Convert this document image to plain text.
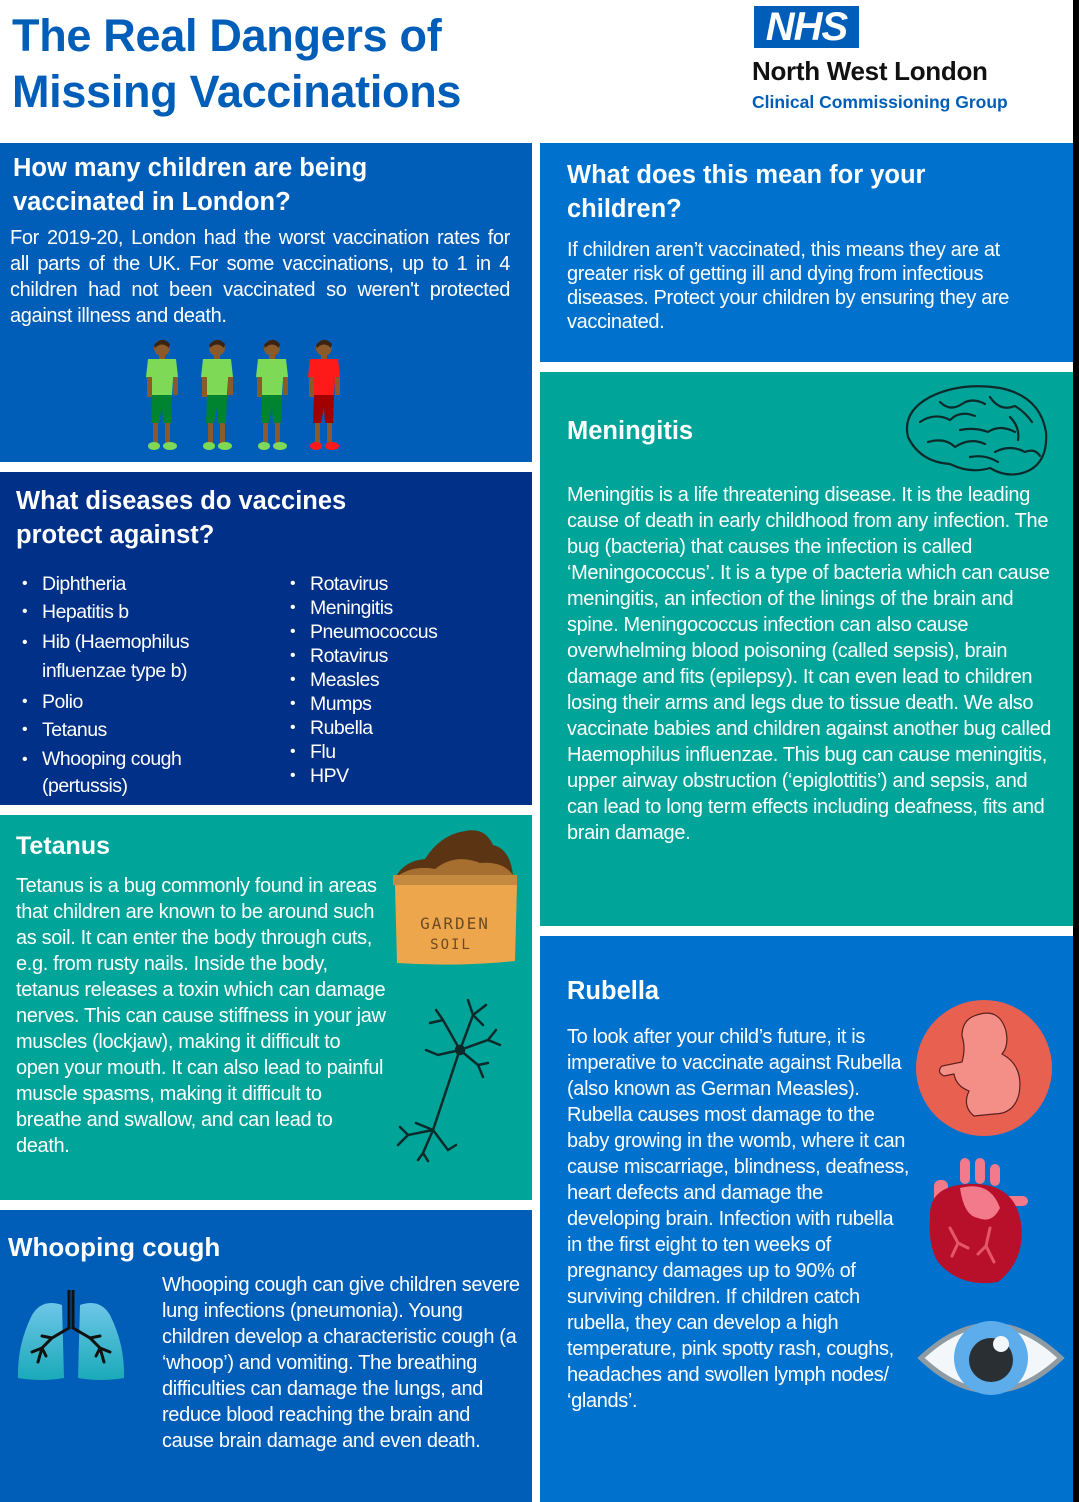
The Real Dangers of
Missing Vaccinations
NHS
North West London
Clinical Commissioning Group
How many children are being
vaccinated in London?

For 2019-20, London had the worst vaccination rates for all parts of the UK. For some vaccinations, up to 1 in 4 children had not been vaccinated so weren't protected against illness and death.

What diseases do vaccines
protect against?
• Diphtheria
• Hepatitis b
• Hib (Haemophilus influenzae type b)
• Polio
• Tetanus
• Whooping cough (pertussis)
• Rotavirus
• Meningitis
• Pneumococcus
• Rotavirus
• Measles
• Mumps
• Rubella
• Flu
• HPV
Tetanus

Tetanus is a bug commonly found in areas that children are known to be around such as soil. It can enter the body through cuts, e.g. from rusty nails. Inside the body, tetanus releases a toxin which can damage nerves. This can cause stiffness in your jaw muscles (lockjaw), making it difficult to open your mouth. It can also lead to painful muscle spasms, making it difficult to breathe and swallow, and can lead to death.

GARDEN
SOIL
Whooping cough

Whooping cough can give children severe lung infections (pneumonia). Young children develop a characteristic cough (a ‘whoop’) and vomiting. The breathing difficulties can damage the lungs, and reduce blood reaching the brain and cause brain damage and even death.

What does this mean for your
children?

If children aren’t vaccinated, this means they are at greater risk of getting ill and dying from infectious diseases. Protect your children by ensuring they are vaccinated.

Meningitis

Meningitis is a life threatening disease. It is the leading cause of death in early childhood from any infection. The bug (bacteria) that causes the infection is called ‘Meningococcus’. It is a type of bacteria which can cause meningitis, an infection of the linings of the brain and spine. Meningococcus infection can also cause overwhelming blood poisoning (called sepsis), brain damage and fits (epilepsy). It can even lead to children losing their arms and legs due to tissue death. We also vaccinate babies and children against another bug called Haemophilus influenzae. This bug can cause meningitis, upper airway obstruction (‘epiglottitis’) and sepsis, and can lead to long term effects including deafness, fits and brain damage.

Rubella

To look after your child’s future, it is imperative to vaccinate against Rubella (also known as German Measles). Rubella causes most damage to the baby growing in the womb, where it can cause miscarriage, blindness, deafness, heart defects and damage the developing brain. Infection with rubella in the first eight to ten weeks of pregnancy damages up to 90% of surviving children. If children catch rubella, they can develop a high temperature, pink spotty rash, coughs, headaches and swollen lymph nodes/ ‘glands’.
